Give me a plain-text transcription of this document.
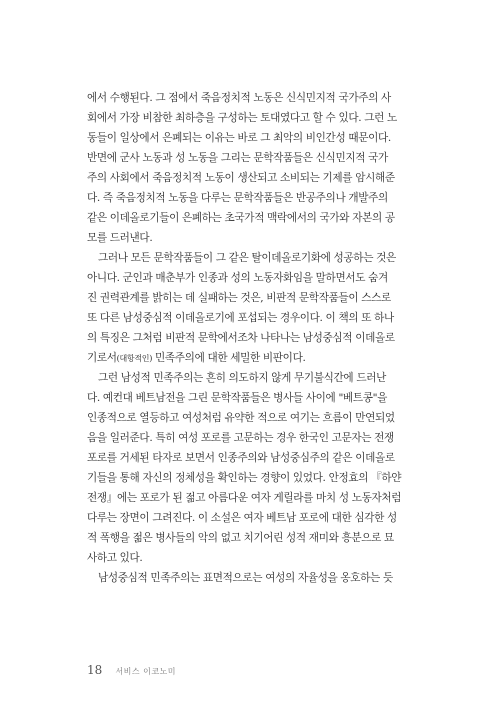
에서 수행된다. 그 점에서 죽음정치적 노동은 신식민지적 국가주의 사
회에서 가장 비참한 최하층을 구성하는 토대였다고 할 수 있다. 그런 노
동들이 일상에서 은폐되는 이유는 바로 그 최악의 비인간성 때문이다.
반면에 군사 노동과 성 노동을 그리는 문학작품들은 신식민지적 국가
주의 사회에서 죽음정치적 노동이 생산되고 소비되는 기제를 암시해준
다. 즉 죽음정치적 노동을 다루는 문학작품들은 반공주의나 개발주의
같은 이데올로기들이 은폐하는 초국가적 맥락에서의 국가와 자본의 공
모를 드러낸다.
그러나 모든 문학작품들이 그 같은 탈이데올로기화에 성공하는 것은
아니다. 군인과 매춘부가 인종과 성의 노동자화임을 말하면서도 숨겨
진 권력관계를 밝히는 데 실패하는 것은, 비판적 문학작품들이 스스로
또 다른 남성중심적 이데올로기에 포섭되는 경우이다. 이 책의 또 하나
의 특징은 그처럼 비판적 문학에서조차 나타나는 남성중심적 이데올로
기로서(대항적인) 민족주의에 대한 세밀한 비판이다.
그런 남성적 민족주의는 흔히 의도하지 않게 무기불식간에 드러난
다. 예컨대 베트남전을 그린 문학작품들은 병사들 사이에 "베트콩"을
인종적으로 열등하고 여성처럼 유약한 적으로 여기는 흐름이 만연되었
음을 일러준다. 특히 여성 포로를 고문하는 경우 한국인 고문자는 전쟁
포로를 거세된 타자로 보면서 인종주의와 남성중심주의 같은 이데올로
기들을 통해 자신의 정체성을 확인하는 경향이 있었다. 안정효의 『하얀
전쟁』에는 포로가 된 젊고 아름다운 여자 게릴라를 마치 성 노동자처럼
다루는 장면이 그려진다. 이 소설은 여자 베트남 포로에 대한 심각한 성
적 폭행을 젊은 병사들의 악의 없고 치기어린 성적 재미와 흥분으로 묘
사하고 있다.
남성중심적 민족주의는 표면적으로는 여성의 자율성을 옹호하는 듯
18 서비스 이코노미
